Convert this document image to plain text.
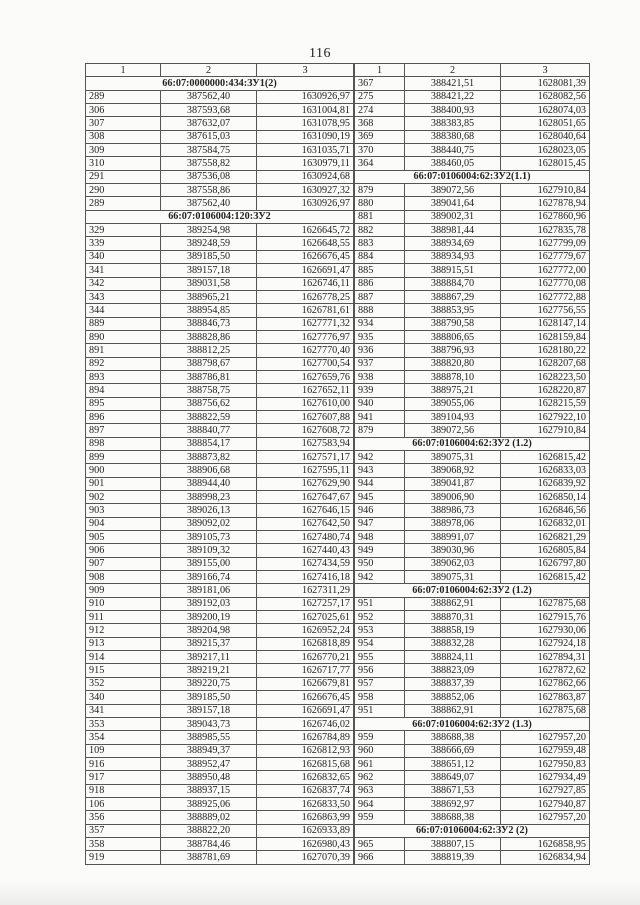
116
1	2	3
66:07:0000000:434:ЗУ1(2)		
289	387562,40	1630926,97
306	387593,68	1631004,81
307	387632,07	1631078,95
308	387615,03	1631090,19
309	387584,75	1631035,71
310	387558,82	1630979,11
291	387536,08	1630924,68
290	387558,86	1630927,32
289	387562,40	1630926,97
66:07:0106004:120:ЗУ2		
329	389254,98	1626645,72
339	389248,59	1626648,55
340	389185,50	1626676,45
341	389157,18	1626691,47
342	389031,58	1626746,11
343	388965,21	1626778,25
344	388954,85	1626781,61
889	388846,73	1627771,32
890	388828,86	1627776,97
891	388812,25	1627770,40
892	388798,67	1627700,54
893	388786,81	1627659,76
894	388758,75	1627652,11
895	388756,62	1627610,00
896	388822,59	1627607,88
897	388840,77	1627608,72
898	388854,17	1627583,94
899	388873,82	1627571,17
900	388906,68	1627595,11
901	388944,40	1627629,90
902	388998,23	1627647,67
903	389026,13	1627646,15
904	389092,02	1627642,50
905	389105,73	1627480,74
906	389109,32	1627440,43
907	389155,00	1627434,59
908	389166,74	1627416,18
909	389181,06	1627311,29
910	389192,03	1627257,17
911	389200,19	1627025,61
912	389204,98	1626952,24
913	389215,37	1626818,89
914	389217,11	1626770,21
915	389219,21	1626717,77
352	389220,75	1626679,81
340	389185,50	1626676,45
341	389157,18	1626691,47
353	389043,73	1626746,02
354	388985,55	1626784,89
109	388949,37	1626812,93
916	388952,47	1626815,68
917	388950,48	1626832,65
918	388937,15	1626837,74
106	388925,06	1626833,50
356	388889,02	1626863,99
357	388822,20	1626933,89
358	388784,46	1626980,43
919	388781,69	1627070,39
1	2	3
367	388421,51	1628081,39
275	388421,22	1628082,56
274	388400,93	1628074,03
368	388383,85	1628051,65
369	388380,68	1628040,64
370	388440,75	1628023,05
364	388460,05	1628015,45
66:07:0106004:62:ЗУ2(1.1)		
879	389072,56	1627910,84
880	389041,64	1627878,94
881	389002,31	1627860,96
882	388981,44	1627835,78
883	388934,69	1627799,09
884	388934,93	1627779,67
885	388915,51	1627772,00
886	388884,70	1627770,08
887	388867,29	1627772,88
888	388853,95	1627756,55
934	388790,58	1628147,14
935	388806,65	1628159,84
936	388796,93	1628180,22
937	388820,80	1628207,68
938	388878,10	1628223,50
939	388975,21	1628220,87
940	389055,06	1628215,59
941	389104,93	1627922,10
879	389072,56	1627910,84
66:07:0106004:62:ЗУ2 (1.2)		
942	389075,31	1626815,42
943	389068,92	1626833,03
944	389041,87	1626839,92
945	389006,90	1626850,14
946	388986,73	1626846,56
947	388978,06	1626832,01
948	388991,07	1626821,29
949	389030,96	1626805,84
950	389062,03	1626797,80
942	389075,31	1626815,42
66:07:0106004:62:ЗУ2 (1.2)		
951	388862,91	1627875,68
952	388870,31	1627915,76
953	388858,19	1627930,06
954	388832,28	1627924,18
955	388824,11	1627894,31
956	388823,09	1627872,62
957	388837,39	1627862,66
958	388852,06	1627863,87
951	388862,91	1627875,68
66:07:0106004:62:ЗУ2 (1.3)		
959	388688,38	1627957,20
960	388666,69	1627959,48
961	388651,12	1627950,83
962	388649,07	1627934,49
963	388671,53	1627927,85
964	388692,97	1627940,87
959	388688,38	1627957,20
66:07:0106004:62:ЗУ2 (2)		
965	388807,15	1626858,95
966	388819,39	1626834,94
